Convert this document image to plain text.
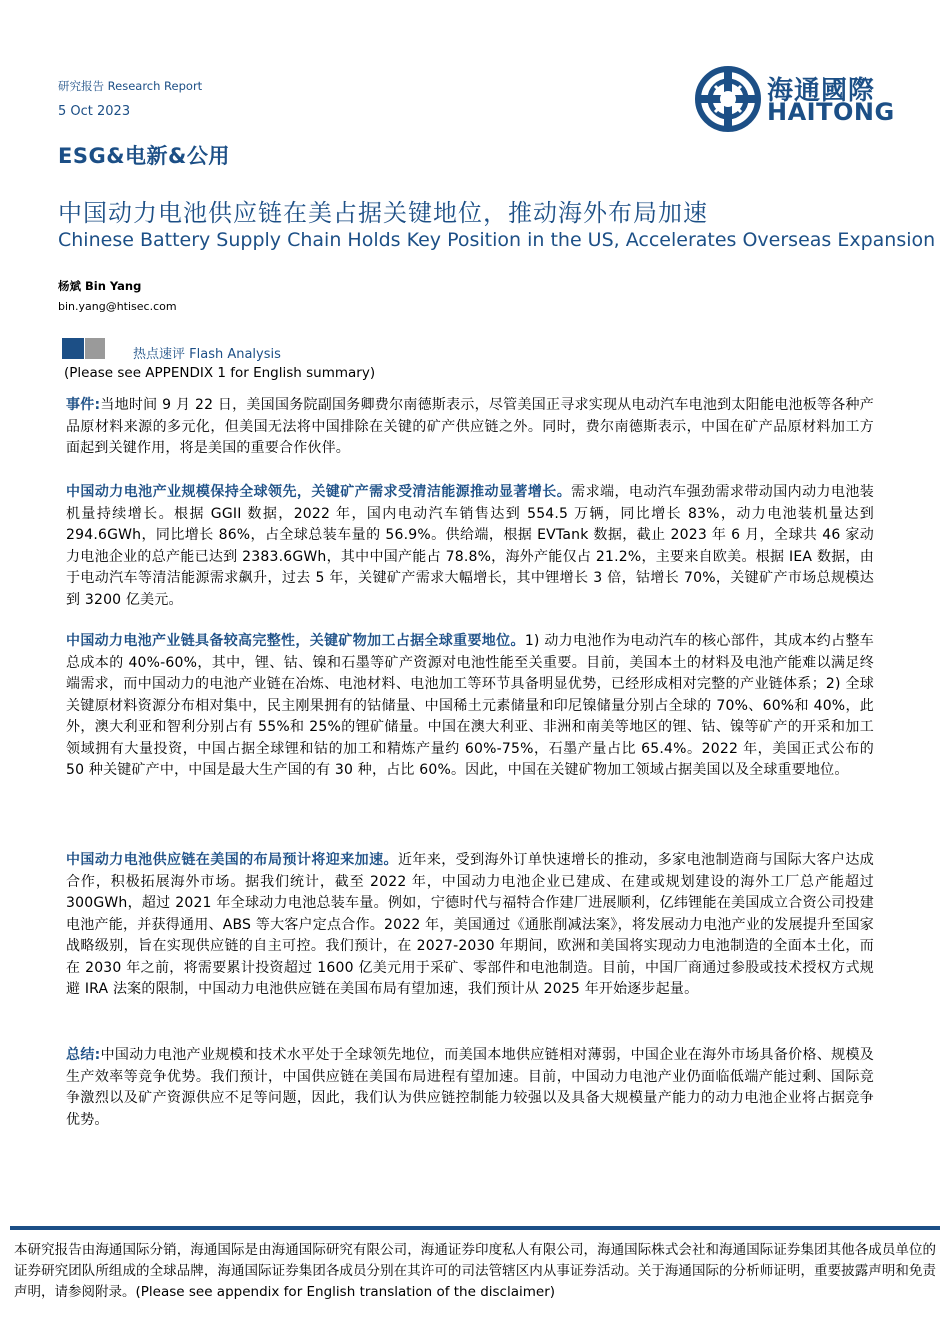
研究报告 Research Report
5 Oct 2023
ESG&电新&公用
海通國際
HAITONG
中国动力电池供应链在美占据关键地位，推动海外布局加速
Chinese Battery Supply Chain Holds Key Position in the US, Accelerates Overseas Expansion
杨斌 Bin Yang
bin.yang@htisec.com
热点速评 Flash Analysis
(Please see APPENDIX 1 for English summary)
事件:当地时间 9 月 22 日，美国国务院副国务卿费尔南德斯表示，尽管美国正寻求实现从电动汽车电池到太阳能电池板等各种产品原材料来源的多元化，但美国无法将中国排除在关键的矿产供应链之外。同时，费尔南德斯表示，中国在矿产品原材料加工方面起到关键作用，将是美国的重要合作伙伴。
中国动力电池产业规模保持全球领先，关键矿产需求受清洁能源推动显著增长。需求端，电动汽车强劲需求带动国内动力电池装机量持续增长。根据 GGII 数据，2022 年，国内电动汽车销售达到 554.5 万辆，同比增长 83%，动力电池装机量达到 294.6GWh，同比增长 86%，占全球总装车量的 56.9%。供给端，根据 EVTank 数据，截止 2023 年 6 月，全球共 46 家动力电池企业的总产能已达到 2383.6GWh，其中中国产能占 78.8%，海外产能仅占 21.2%，主要来自欧美。根据 IEA 数据，由于电动汽车等清洁能源需求飙升，过去 5 年，关键矿产需求大幅增长，其中锂增长 3 倍，钴增长 70%，关键矿产市场总规模达到 3200 亿美元。
中国动力电池产业链具备较高完整性，关键矿物加工占据全球重要地位。1) 动力电池作为电动汽车的核心部件，其成本约占整车总成本的 40%-60%，其中，锂、钴、镍和石墨等矿产资源对电池性能至关重要。目前，美国本土的材料及电池产能难以满足终端需求，而中国动力的电池产业链在冶炼、电池材料、电池加工等环节具备明显优势，已经形成相对完整的产业链体系；2) 全球关键原材料资源分布相对集中，民主刚果拥有的钴储量、中国稀土元素储量和印尼镍储量分别占全球的 70%、60%和 40%，此外，澳大利亚和智利分别占有 55%和 25%的锂矿储量。中国在澳大利亚、非洲和南美等地区的锂、钴、镍等矿产的开采和加工领域拥有大量投资，中国占据全球锂和钴的加工和精炼产量约 60%-75%，石墨产量占比 65.4%。2022 年，美国正式公布的 50 种关键矿产中，中国是最大生产国的有 30 种，占比 60%。因此，中国在关键矿物加工领域占据美国以及全球重要地位。
中国动力电池供应链在美国的布局预计将迎来加速。近年来，受到海外订单快速增长的推动，多家电池制造商与国际大客户达成合作，积极拓展海外市场。据我们统计，截至 2022 年，中国动力电池企业已建成、在建或规划建设的海外工厂总产能超过 300GWh，超过 2021 年全球动力电池总装车量。例如，宁德时代与福特合作建厂进展顺利，亿纬锂能在美国成立合资公司投建电池产能，并获得通用、ABS 等大客户定点合作。2022 年，美国通过《通胀削减法案》，将发展动力电池产业的发展提升至国家战略级别，旨在实现供应链的自主可控。我们预计，在 2027-2030 年期间，欧洲和美国将实现动力电池制造的全面本土化，而在 2030 年之前，将需要累计投资超过 1600 亿美元用于采矿、零部件和电池制造。目前，中国厂商通过参股或技术授权方式规避 IRA 法案的限制，中国动力电池供应链在美国布局有望加速，我们预计从 2025 年开始逐步起量。
总结:中国动力电池产业规模和技术水平处于全球领先地位，而美国本地供应链相对薄弱，中国企业在海外市场具备价格、规模及生产效率等竞争优势。我们预计，中国供应链在美国布局进程有望加速。目前，中国动力电池产业仍面临低端产能过剩、国际竞争激烈以及矿产资源供应不足等问题，因此，我们认为供应链控制能力较强以及具备大规模量产能力的动力电池企业将占据竞争优势。
本研究报告由海通国际分销，海通国际是由海通国际研究有限公司，海通证券印度私人有限公司，海通国际株式会社和海通国际证券集团其他各成员单位的证券研究团队所组成的全球品牌，海通国际证券集团各成员分别在其许可的司法管辖区内从事证券活动。关于海通国际的分析师证明，重要披露声明和免责声明，请参阅附录。(Please see appendix for English translation of the disclaimer)
